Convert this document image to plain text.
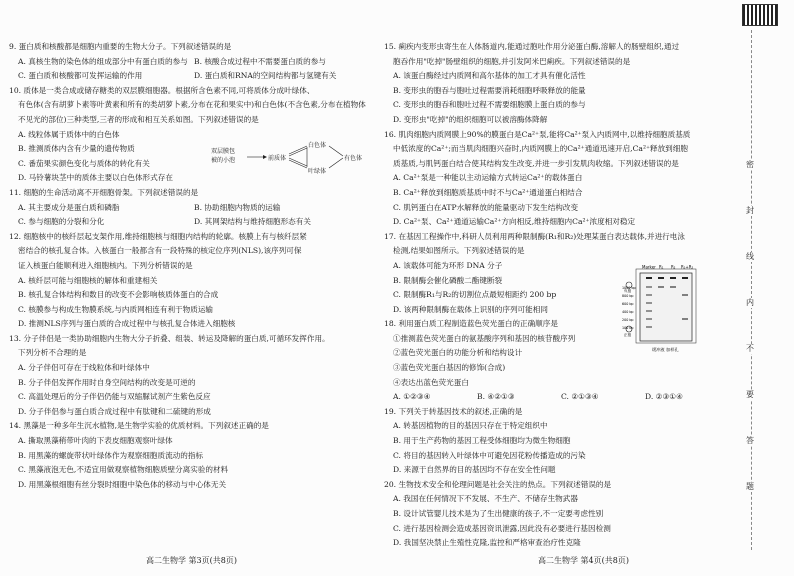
9. 蛋白质和核酸都是细胞内重要的生物大分子。下列叙述错误的是
A. 真核生物的染色体的组成部分中有蛋白质的参与 B. 核酸合成过程中不需要蛋白质的参与
C. 蛋白质和核酸都可发挥运输的作用	D. 蛋白质和RNA的空间结构都与氢键有关
10. 质体是一类合成或储存糖类的双层膜细胞器。根据所含色素不同,可将质体分成叶绿体、
有色体(含有胡萝卜素等叶黄素和所有的类胡萝卜素,分布在花和果实中)和白色体(不含色素,分布在植物体
不见光的部位)三种类型,三者的形成和相互关系如图。下列叙述错误的是
A. 线粒体属于质体中的白色体
B. 推测质体内含有少量的遗传物质
C. 番茄果实颜色变化与质体的转化有关
D. 马铃薯块茎中的质体主要以白色体形式存在
11. 细胞的生命活动离不开细胞骨架。下列叙述错误的是
A. 其主要成分是蛋白质和磷脂	B. 协助细胞内物质的运输
C. 参与细胞的分裂和分化	D. 其网架结构与维持细胞形态有关
12. 细胞核中的核纤层起支架作用,维持细胞核与细胞内结构的轮廓。核膜上有与核纤层紧
密结合的核孔复合体。入核蛋白一般都含有一段特殊的核定位序列(NLS),该序列可保
证入核蛋白能顺利进入细胞核内。下列分析错误的是
A. 核纤层可能与细胞核的解体和重建相关
B. 核孔复合体结构和数目的改变不会影响核质体蛋白的合成
C. 核膜参与构成生物膜系统,与内质网相连有利于物质运输
D. 推测NLS序列与蛋白质的合成过程中与核孔复合体进入细胞核
13. 分子伴侣是一类协助细胞内生物大分子折叠、组装、转运及降解的蛋白质,可循环发挥作用。
下列分析不合理的是
A. 分子伴侣可存在于线粒体和叶绿体中
B. 分子伴侣发挥作用时自身空间结构的改变是可逆的
C. 高温处理后的分子伴侣仍能与双缩脲试剂产生紫色反应
D. 分子伴侣参与蛋白质合成过程中有肽键和二硫键的形成
14. 黑藻是一种多年生沉水植物,是生物学实验的优质材料。下列叙述正确的是
A. 撕取黑藻稍带叶肉的下表皮细胞观察叶绿体
B. 用黑藻的螺旋带状叶绿体作为观察细胞质流动的指标
C. 黑藻液泡无色,不适宜用做观察植物细胞质壁分离实验的材料
D. 用黑藻根细胞有丝分裂时细胞中染色体的移动与中心体无关
双层膜包
被的小泡	前质体
白色体
叶绿体
有色体
15. 痢疾内变形虫寄生在人体肠道内,能通过胞吐作用分泌蛋白酶,溶解人的肠壁组织,通过
胞吞作用"吃掉"肠壁组织的细胞,并引发阿米巴痢疾。下列叙述错误的是
A. 该蛋白酶经过内质网和高尔基体的加工才具有催化活性
B. 变形虫的胞吞与胞吐过程需要消耗细胞呼吸释放的能量
C. 变形虫的胞吞和胞吐过程不需要细胞膜上蛋白质的参与
D. 变形虫"吃掉"的组织细胞可以被溶酶体降解
16. 肌肉细胞内质网膜上90%的膜蛋白是Ca²⁺泵,能将Ca²⁺泵入内质网中,以维持细胞质基质
中低浓度的Ca²⁺;而当肌肉细胞兴奋时,内质网膜上的Ca²⁺通道迅速开启,Ca²⁺释放到细胞
质基质,与肌钙蛋白结合使其结构发生改变,并进一步引发肌肉收缩。下列叙述错误的是
A. Ca²⁺泵是一种能以主动运输方式转运Ca²⁺的载体蛋白
B. Ca²⁺释放到细胞质基质中时不与Ca²⁺通道蛋白相结合
C. 肌钙蛋白在ATP水解释放的能量驱动下发生结构改变
D. Ca²⁺泵、Ca²⁺通道运输Ca²⁺方向相反,维持细胞内Ca²⁺浓度相对稳定
17. 在基因工程操作中,科研人员利用两种限制酶(R₁和R₂)处理某蛋白表达载体,并进行电泳
检测,结果如图所示。下列叙述错误的是
A. 该载体可能为环形 DNA 分子
B. 限制酶会催化磷酸二酯键断裂
C. 限制酶R₁与R₂的切割位点最短相距约 200 bp
D. 该两种限制酶在载体上识别的序列可能相同
18. 利用蛋白质工程制造蓝色荧光蛋白的正确顺序是
①推测蓝色荧光蛋白的氨基酸序列和基因的核苷酸序列
②蓝色荧光蛋白的功能分析和结构设计
③蓝色荧光蛋白基因的修饰(合成)
④表达出蓝色荧光蛋白
A. ①②③④	B. ④②①③	C. ②①③④	D. ②③①④
19. 下列关于转基因技术的叙述,正确的是
A. 转基因植物的目的基因只存在于特定组织中
B. 用于生产药物的基因工程受体细胞均为微生物细胞
C. 将目的基因转入叶绿体中可避免因花粉传播造成的污染
D. 来源于自然界的目的基因均不存在安全性问题
20. 生物技术安全和伦理问题是社会关注的热点。下列叙述错误的是
A. 我国在任何情况下不发展、不生产、不储存生物武器
B. 设计试管婴儿技术是为了生出健康的孩子,不一定要考虑性别
C. 进行基因检测会造成基因资讯泄露,因此没有必要进行基因检测
D. 我国坚决禁止生殖性克隆,监控和严格审查治疗性克隆
Marker R₁ R₂ R₁+R₂
1000 bp
800 bp
600 bp
400 bp
200 bp
100 bp
负极
正极
缓冲液 加样孔
密
封
线
内
不
要
答
题
高二生物学 第3页(共8页)	高二生物学 第4页(共8页)
